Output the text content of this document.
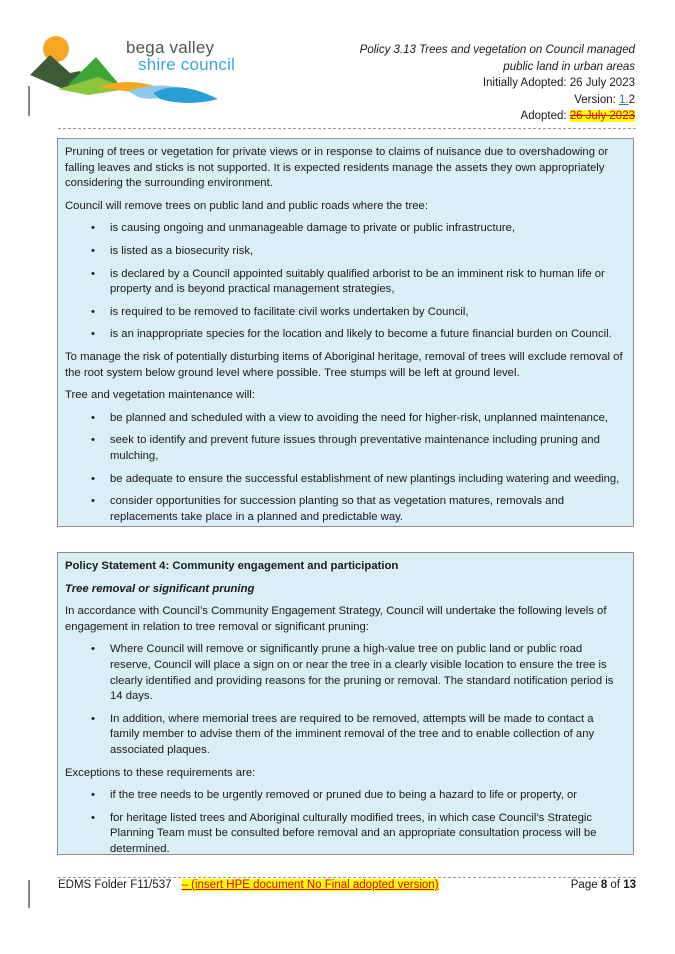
bega valley
shire council
Policy 3.13 Trees and vegetation on Council managed
public land in urban areas
Initially Adopted: 26 July 2023
Version: 1.2
Adopted: 26 July 2023

Pruning of trees or vegetation for private views or in response to claims of nuisance due to overshadowing or falling leaves and sticks is not supported. It is expected residents manage the assets they own appropriately considering the surrounding environment.

Council will remove trees on public land and public roads where the tree:

• is causing ongoing and unmanageable damage to private or public infrastructure,
• is listed as a biosecurity risk,
• is declared by a Council appointed suitably qualified arborist to be an imminent risk to human life or property and is beyond practical management strategies,
• is required to be removed to facilitate civil works undertaken by Council,
• is an inappropriate species for the location and likely to become a future financial burden on Council.

To manage the risk of potentially disturbing items of Aboriginal heritage, removal of trees will exclude removal of the root system below ground level where possible. Tree stumps will be left at ground level.

Tree and vegetation maintenance will:

• be planned and scheduled with a view to avoiding the need for higher-risk, unplanned maintenance,
• seek to identify and prevent future issues through preventative maintenance including pruning and mulching,
• be adequate to ensure the successful establishment of new plantings including watering and weeding,
• consider opportunities for succession planting so that as vegetation matures, removals and replacements take place in a planned and predictable way.

Policy Statement 4: Community engagement and participation

Tree removal or significant pruning

In accordance with Council’s Community Engagement Strategy, Council will undertake the following levels of engagement in relation to tree removal or significant pruning:

• Where Council will remove or significantly prune a high-value tree on public land or public road reserve, Council will place a sign on or near the tree in a clearly visible location to ensure the tree is clearly identified and providing reasons for the pruning or removal. The standard notification period is 14 days.
• In addition, where memorial trees are required to be removed, attempts will be made to contact a family member to advise them of the imminent removal of the tree and to enable collection of any associated plaques.

Exceptions to these requirements are:

• if the tree needs to be urgently removed or pruned due to being a hazard to life or property, or
• for heritage listed trees and Aboriginal culturally modified trees, in which case Council’s Strategic Planning Team must be consulted before removal and an appropriate consultation process will be determined.
EDMS Folder F11/537 – (insert HPE document No Final adopted version)	Page 8 of 13
